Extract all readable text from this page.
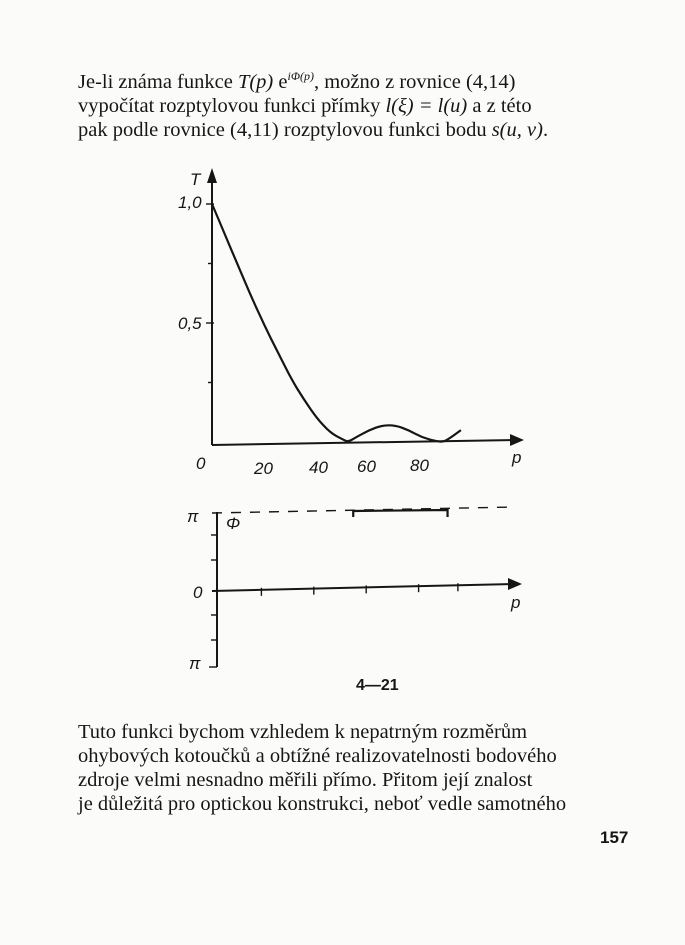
Je-li známa funkce T(p) $e^{i\Phi(p)}$, možno z rovnice (4,14)

vypočítat rozptylovou funkci přímky l(ξ) = l(u) a z této

pak podle rovnice (4,11) rozptylovou funkci bodu s(u, v).

T
p
1,0
0,5
0	20 40 60 80
π
0
π
Φ
p
4—21

Tuto funkci bychom vzhledem k nepatrným rozměrům

ohybových kotoučků a obtížné realizovatelnosti bodového

zdroje velmi nesnadno měřili přímo. Přitom její znalost

je důležitá pro optickou konstrukci, neboť vedle samotného

157
